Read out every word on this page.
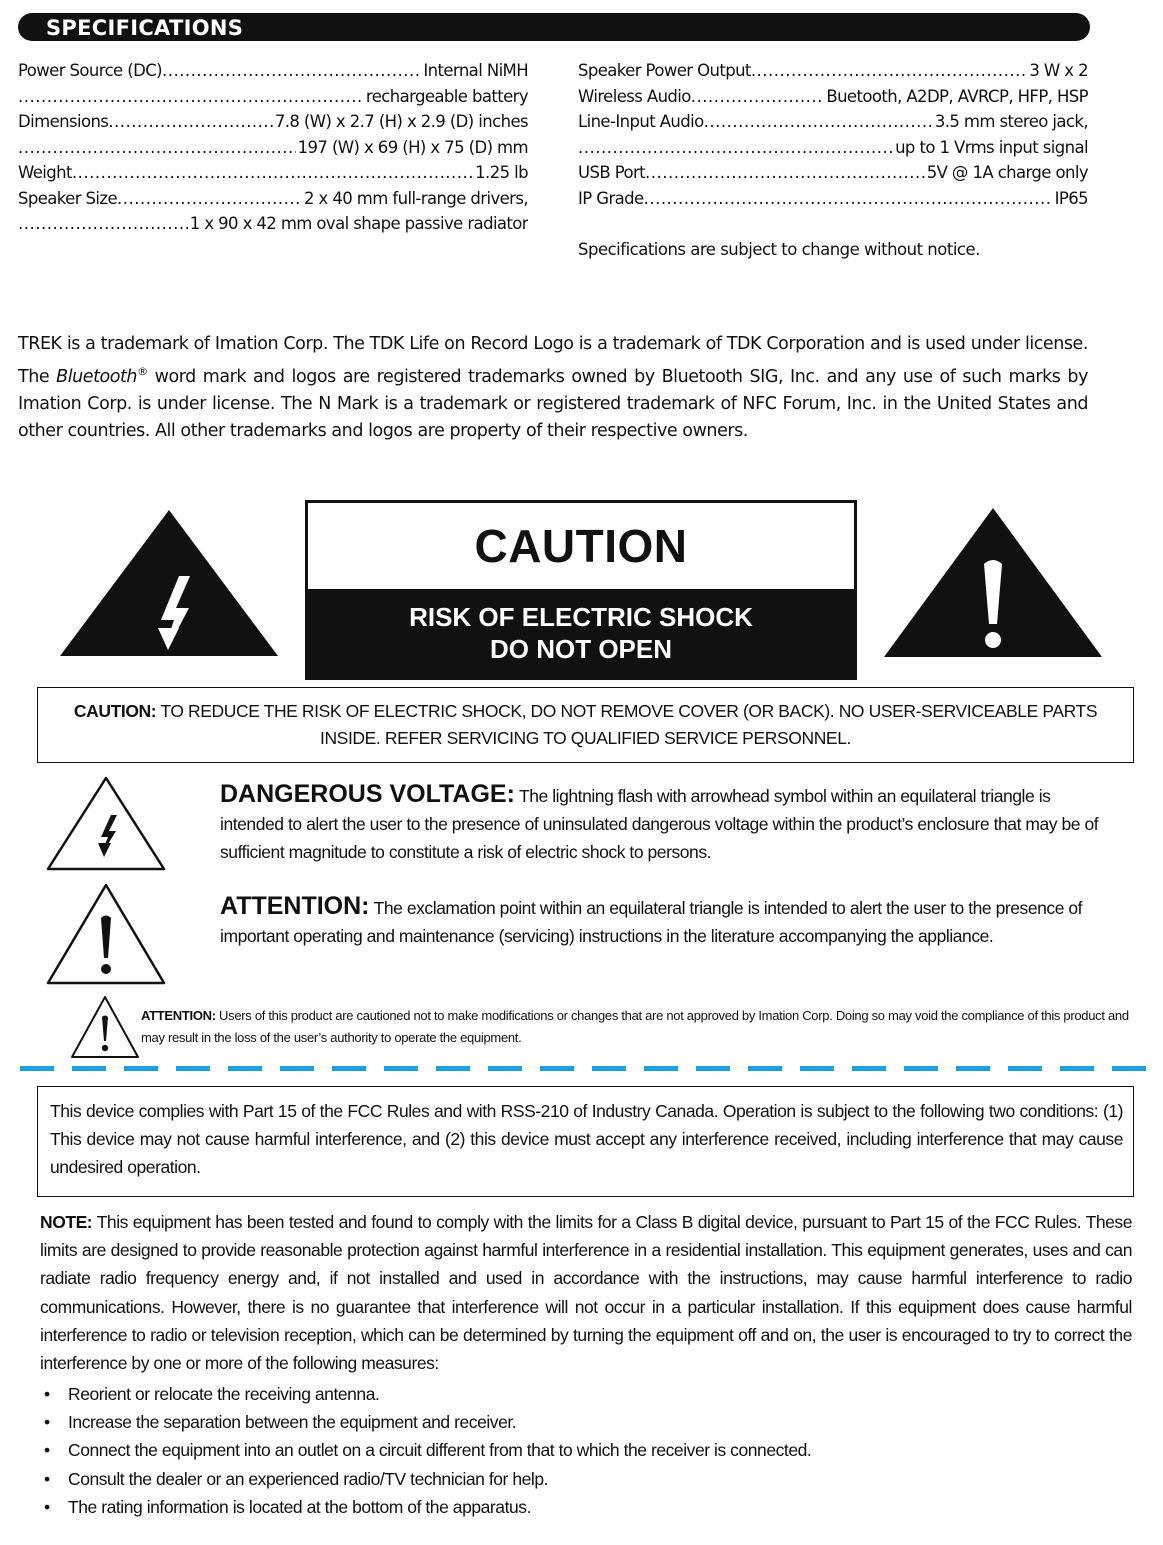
SPECIFICATIONS
Power Source (DC) .....	Internal NiMH
.....
rechargeable battery
Dimensions .....	7.8 (W) x 2.7 (H) x 2.9 (D) inches
.....
197 (W) x 69 (H) x 75 (D) mm
Weight .....	1.25 lb
Speaker Size .....	2 x 40 mm full-range drivers,
.....
1 x 90 x 42 mm oval shape passive radiator
Speaker Power Output .....	3 W x 2
Wireless Audio .....	Buetooth, A2DP, AVRCP, HFP, HSP
Line-Input Audio .....	3.5 mm stereo jack,
.....
up to 1 Vrms input signal
USB Port .....	5V @ 1A charge only
IP Grade .....	IP65
Specifications are subject to change without notice.
TREK is a trademark of Imation Corp. The TDK Life on Record Logo is a trademark of TDK Corporation and is used under license. The Bluetooth® word mark and logos are registered trademarks owned by Bluetooth SIG, Inc. and any use of such marks by Imation Corp. is under license. The N Mark is a trademark or registered trademark of NFC Forum, Inc. in the United States and other countries. All other trademarks and logos are property of their respective owners.
CAUTION
RISK OF ELECTRIC SHOCK
DO NOT OPEN
CAUTION: TO REDUCE THE RISK OF ELECTRIC SHOCK, DO NOT REMOVE COVER (OR BACK). NO USER-SERVICEABLE PARTS INSIDE. REFER SERVICING TO QUALIFIED SERVICE PERSONNEL.
DANGEROUS VOLTAGE: The lightning flash with arrowhead symbol within an equilateral triangle is intended to alert the user to the presence of uninsulated dangerous voltage within the product’s enclosure that may be of sufficient magnitude to constitute a risk of electric shock to persons.
ATTENTION: The exclamation point within an equilateral triangle is intended to alert the user to the presence of important operating and maintenance (servicing) instructions in the literature accompanying the appliance.
ATTENTION: Users of this product are cautioned not to make modifications or changes that are not approved by Imation Corp. Doing so may void the compliance of this product and may result in the loss of the user’s authority to operate the equipment.
This device complies with Part 15 of the FCC Rules and with RSS-210 of Industry Canada. Operation is subject to the following two conditions: (1) This device may not cause harmful interference, and (2) this device must accept any interference received, including interference that may cause undesired operation.
NOTE: This equipment has been tested and found to comply with the limits for a Class B digital device, pursuant to Part 15 of the FCC Rules. These limits are designed to provide reasonable protection against harmful interference in a residential installation. This equipment generates, uses and can radiate radio frequency energy and, if not installed and used in accordance with the instructions, may cause harmful interference to radio communications. However, there is no guarantee that interference will not occur in a particular installation. If this equipment does cause harmful interference to radio or television reception, which can be determined by turning the equipment off and on, the user is encouraged to try to correct the interference by one or more of the following measures:
• Reorient or relocate the receiving antenna.
• Increase the separation between the equipment and receiver.
• Connect the equipment into an outlet on a circuit different from that to which the receiver is connected.
• Consult the dealer or an experienced radio/TV technician for help.
• The rating information is located at the bottom of the apparatus.
